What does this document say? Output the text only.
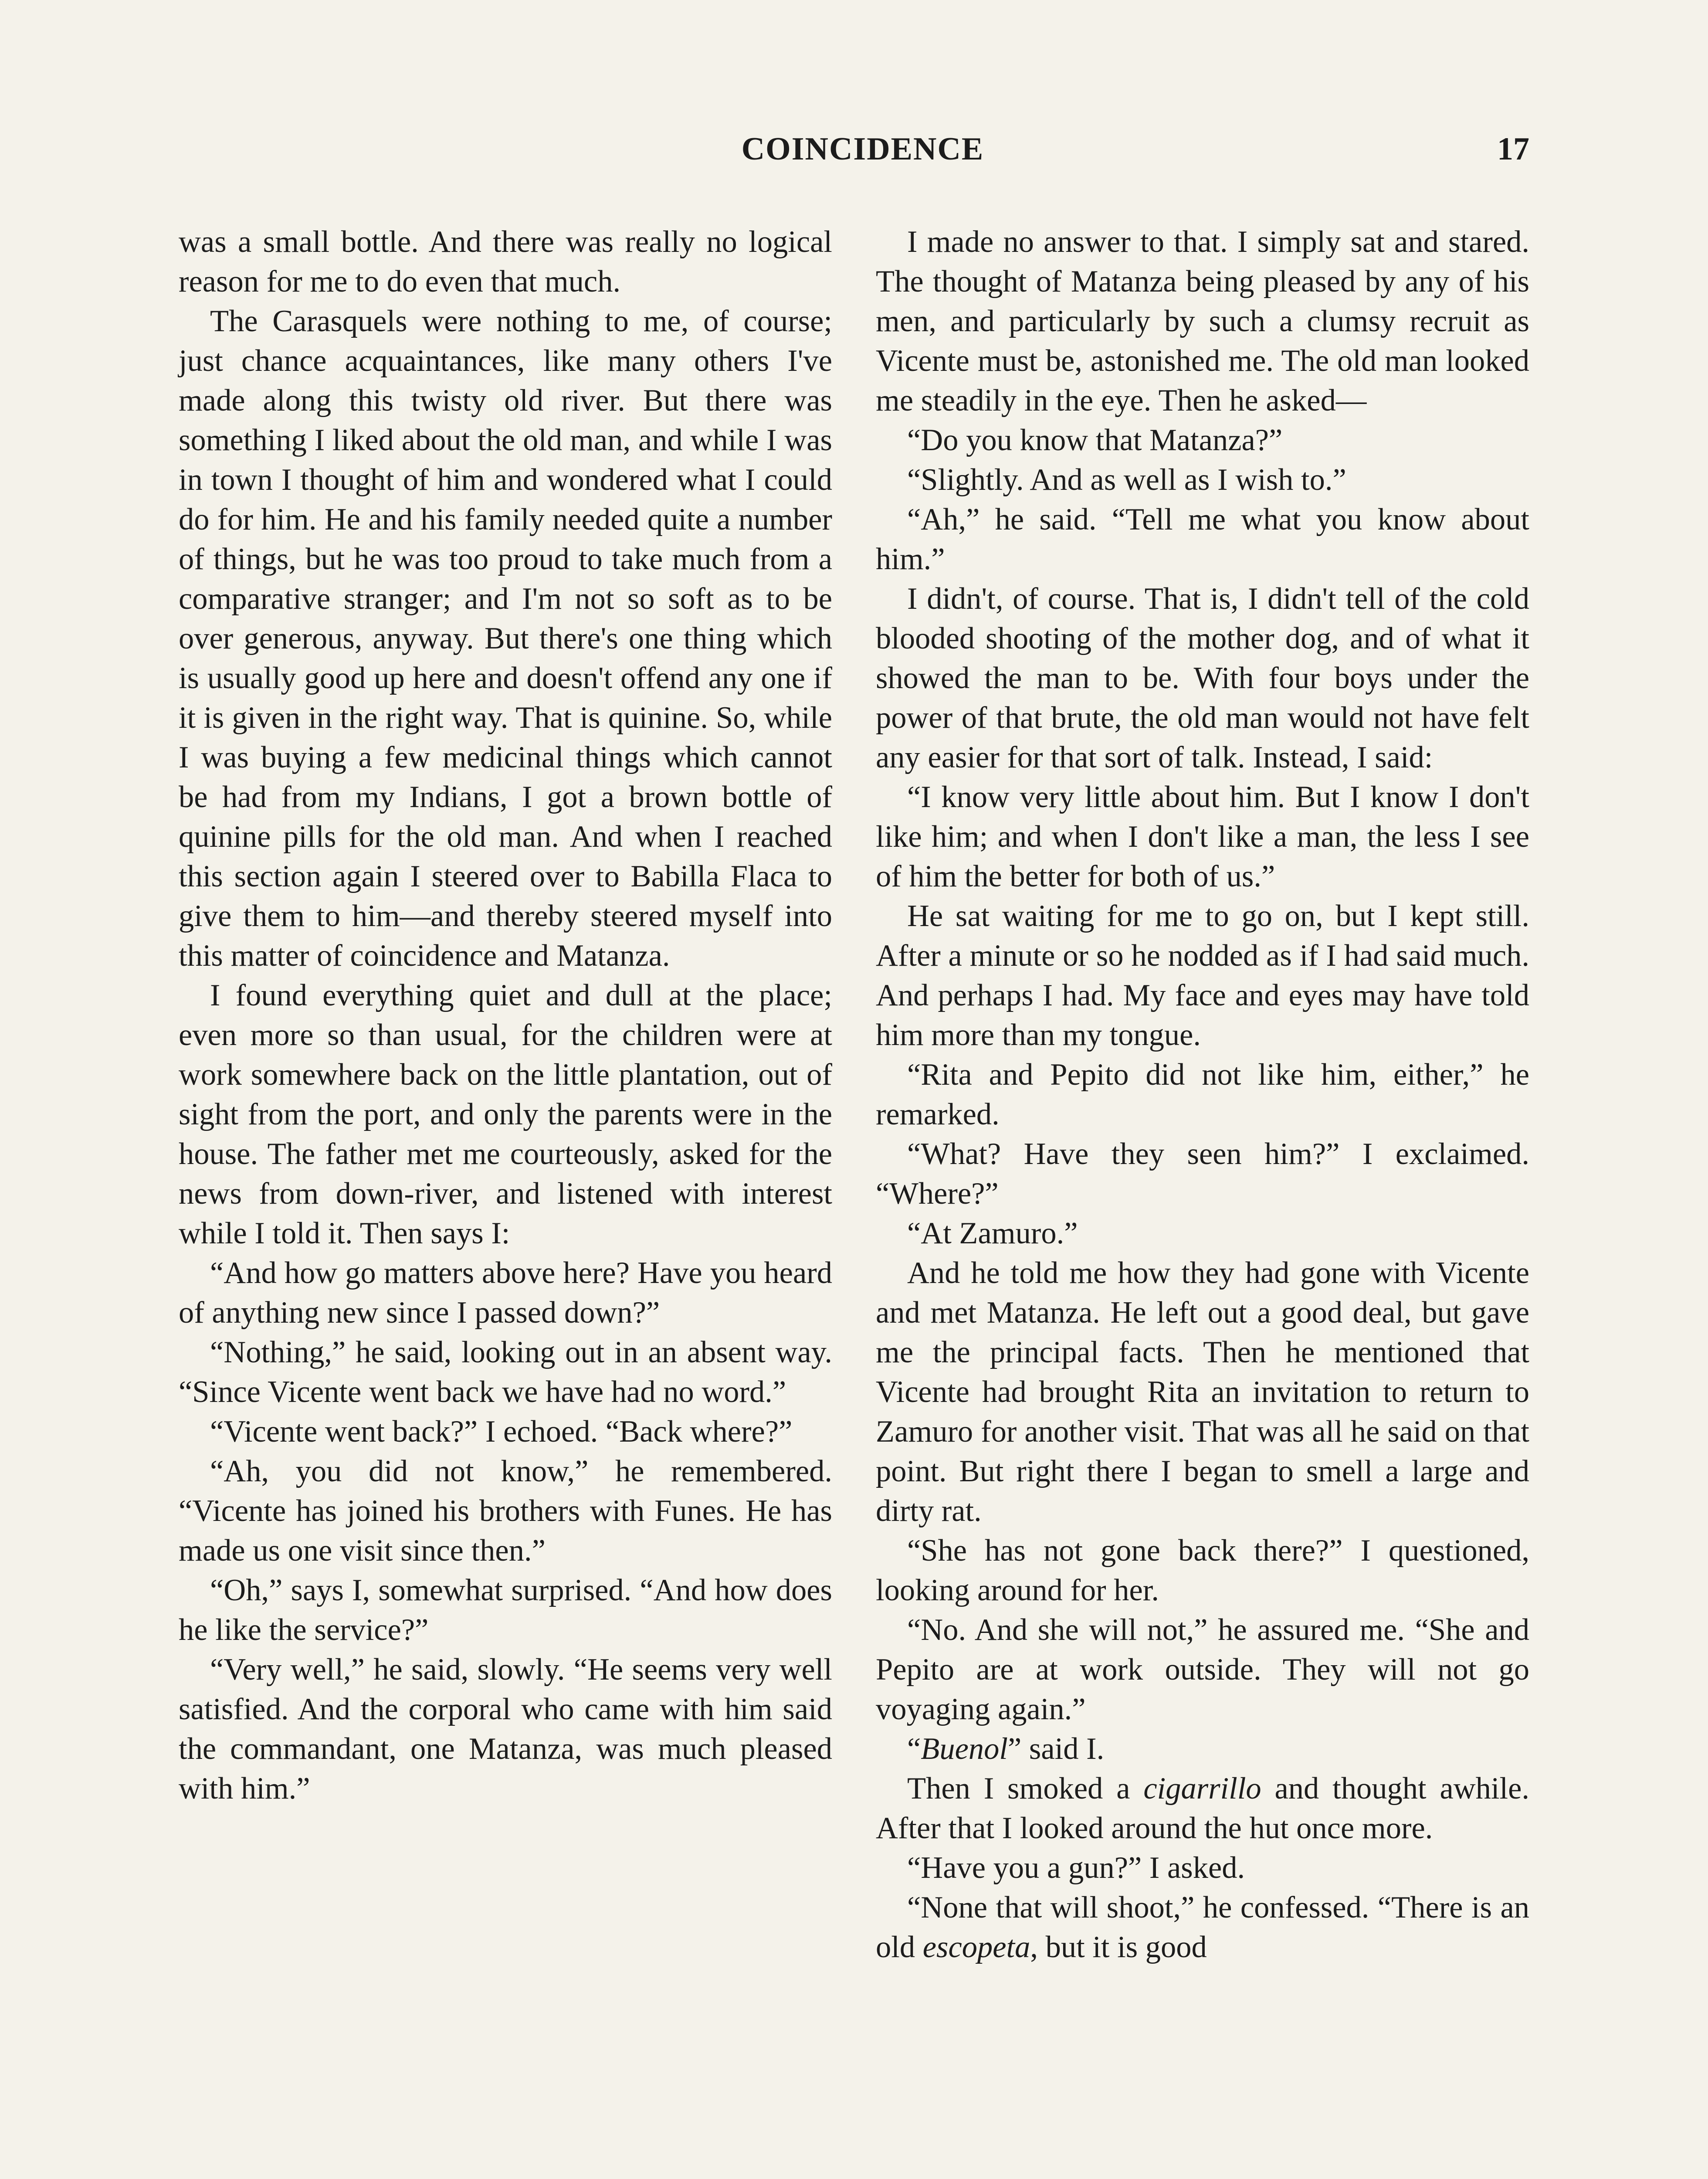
COINCIDENCE	17

was a small bottle. And there was really no logical reason for me to do even that much.

The Carasquels were nothing to me, of course; just chance acquaintances, like many others I've made along this twisty old river. But there was something I liked about the old man, and while I was in town I thought of him and wondered what I could do for him. He and his family needed quite a number of things, but he was too proud to take much from a comparative stranger; and I'm not so soft as to be over generous, anyway. But there's one thing which is usually good up here and doesn't offend any one if it is given in the right way. That is quinine. So, while I was buying a few medicinal things which cannot be had from my Indians, I got a brown bottle of quinine pills for the old man. And when I reached this section again I steered over to Babilla Flaca to give them to him—and thereby steered myself into this matter of coincidence and Matanza.

I found everything quiet and dull at the place; even more so than usual, for the children were at work somewhere back on the little plantation, out of sight from the port, and only the parents were in the house. The father met me courteously, asked for the news from down-river, and listened with interest while I told it. Then says I:

“And how go matters above here? Have you heard of anything new since I passed down?”

“Nothing,” he said, looking out in an absent way. “Since Vicente went back we have had no word.”

“Vicente went back?” I echoed. “Back where?”

“Ah, you did not know,” he remembered. “Vicente has joined his brothers with Funes. He has made us one visit since then.”

“Oh,” says I, somewhat surprised. “And how does he like the service?”

“Very well,” he said, slowly. “He seems very well satisfied. And the corporal who came with him said the commandant, one Matanza, was much pleased with him.”

I made no answer to that. I simply sat and stared. The thought of Matanza being pleased by any of his men, and particularly by such a clumsy recruit as Vicente must be, astonished me. The old man looked me steadily in the eye. Then he asked—

“Do you know that Matanza?”

“Slightly. And as well as I wish to.”

“Ah,” he said. “Tell me what you know about him.”

I didn't, of course. That is, I didn't tell of the cold blooded shooting of the mother dog, and of what it showed the man to be. With four boys under the power of that brute, the old man would not have felt any easier for that sort of talk. Instead, I said:

“I know very little about him. But I know I don't like him; and when I don't like a man, the less I see of him the better for both of us.”

He sat waiting for me to go on, but I kept still. After a minute or so he nodded as if I had said much. And perhaps I had. My face and eyes may have told him more than my tongue.

“Rita and Pepito did not like him, either,” he remarked.

“What? Have they seen him?” I exclaimed. “Where?”

“At Zamuro.”

And he told me how they had gone with Vicente and met Matanza. He left out a good deal, but gave me the principal facts. Then he mentioned that Vicente had brought Rita an invitation to return to Zamuro for another visit. That was all he said on that point. But right there I began to smell a large and dirty rat.

“She has not gone back there?” I questioned, looking around for her.

“No. And she will not,” he assured me. “She and Pepito are at work outside. They will not go voyaging again.”

“Buenol” said I.

Then I smoked a cigarrillo and thought awhile. After that I looked around the hut once more.

“Have you a gun?” I asked.

“None that will shoot,” he confessed. “There is an old escopeta, but it is good
